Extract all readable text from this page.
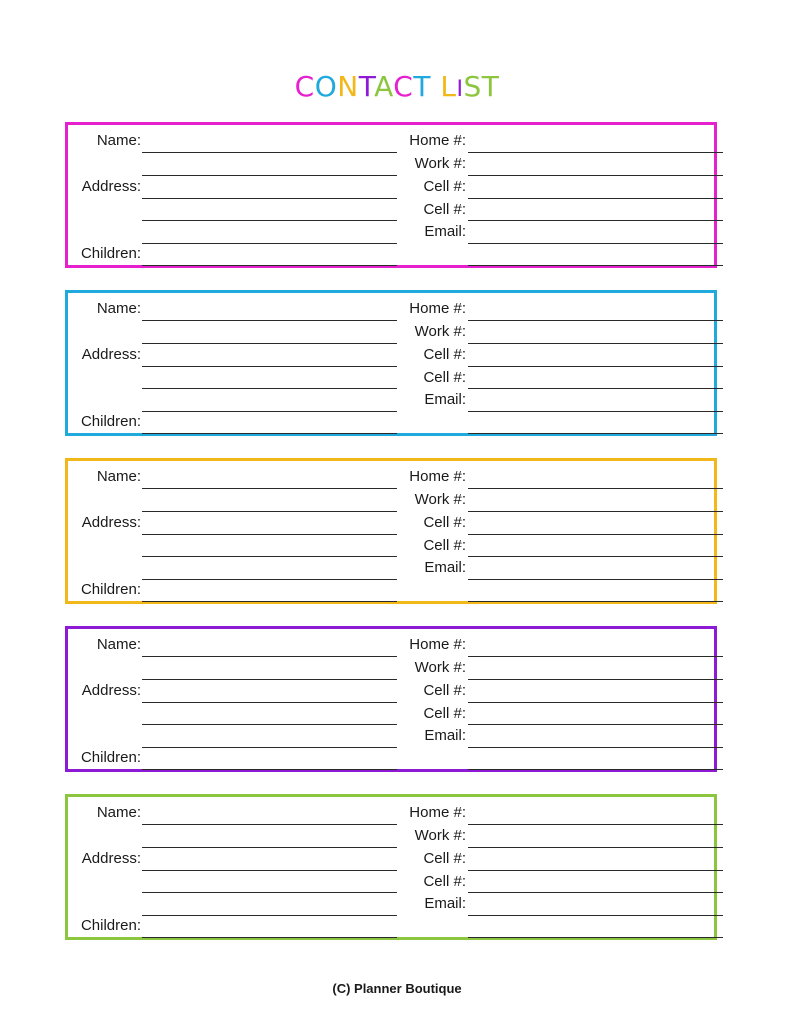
CONTACT LIST
Name:
Address:
Children:
Home #:
Work #:
Cell #:
Cell #:
Email:
Name:
Address:
Children:
Home #:
Work #:
Cell #:
Cell #:
Email:
Name:
Address:
Children:
Home #:
Work #:
Cell #:
Cell #:
Email:
Name:
Address:
Children:
Home #:
Work #:
Cell #:
Cell #:
Email:
Name:
Address:
Children:
Home #:
Work #:
Cell #:
Cell #:
Email:
(C) Planner Boutique
